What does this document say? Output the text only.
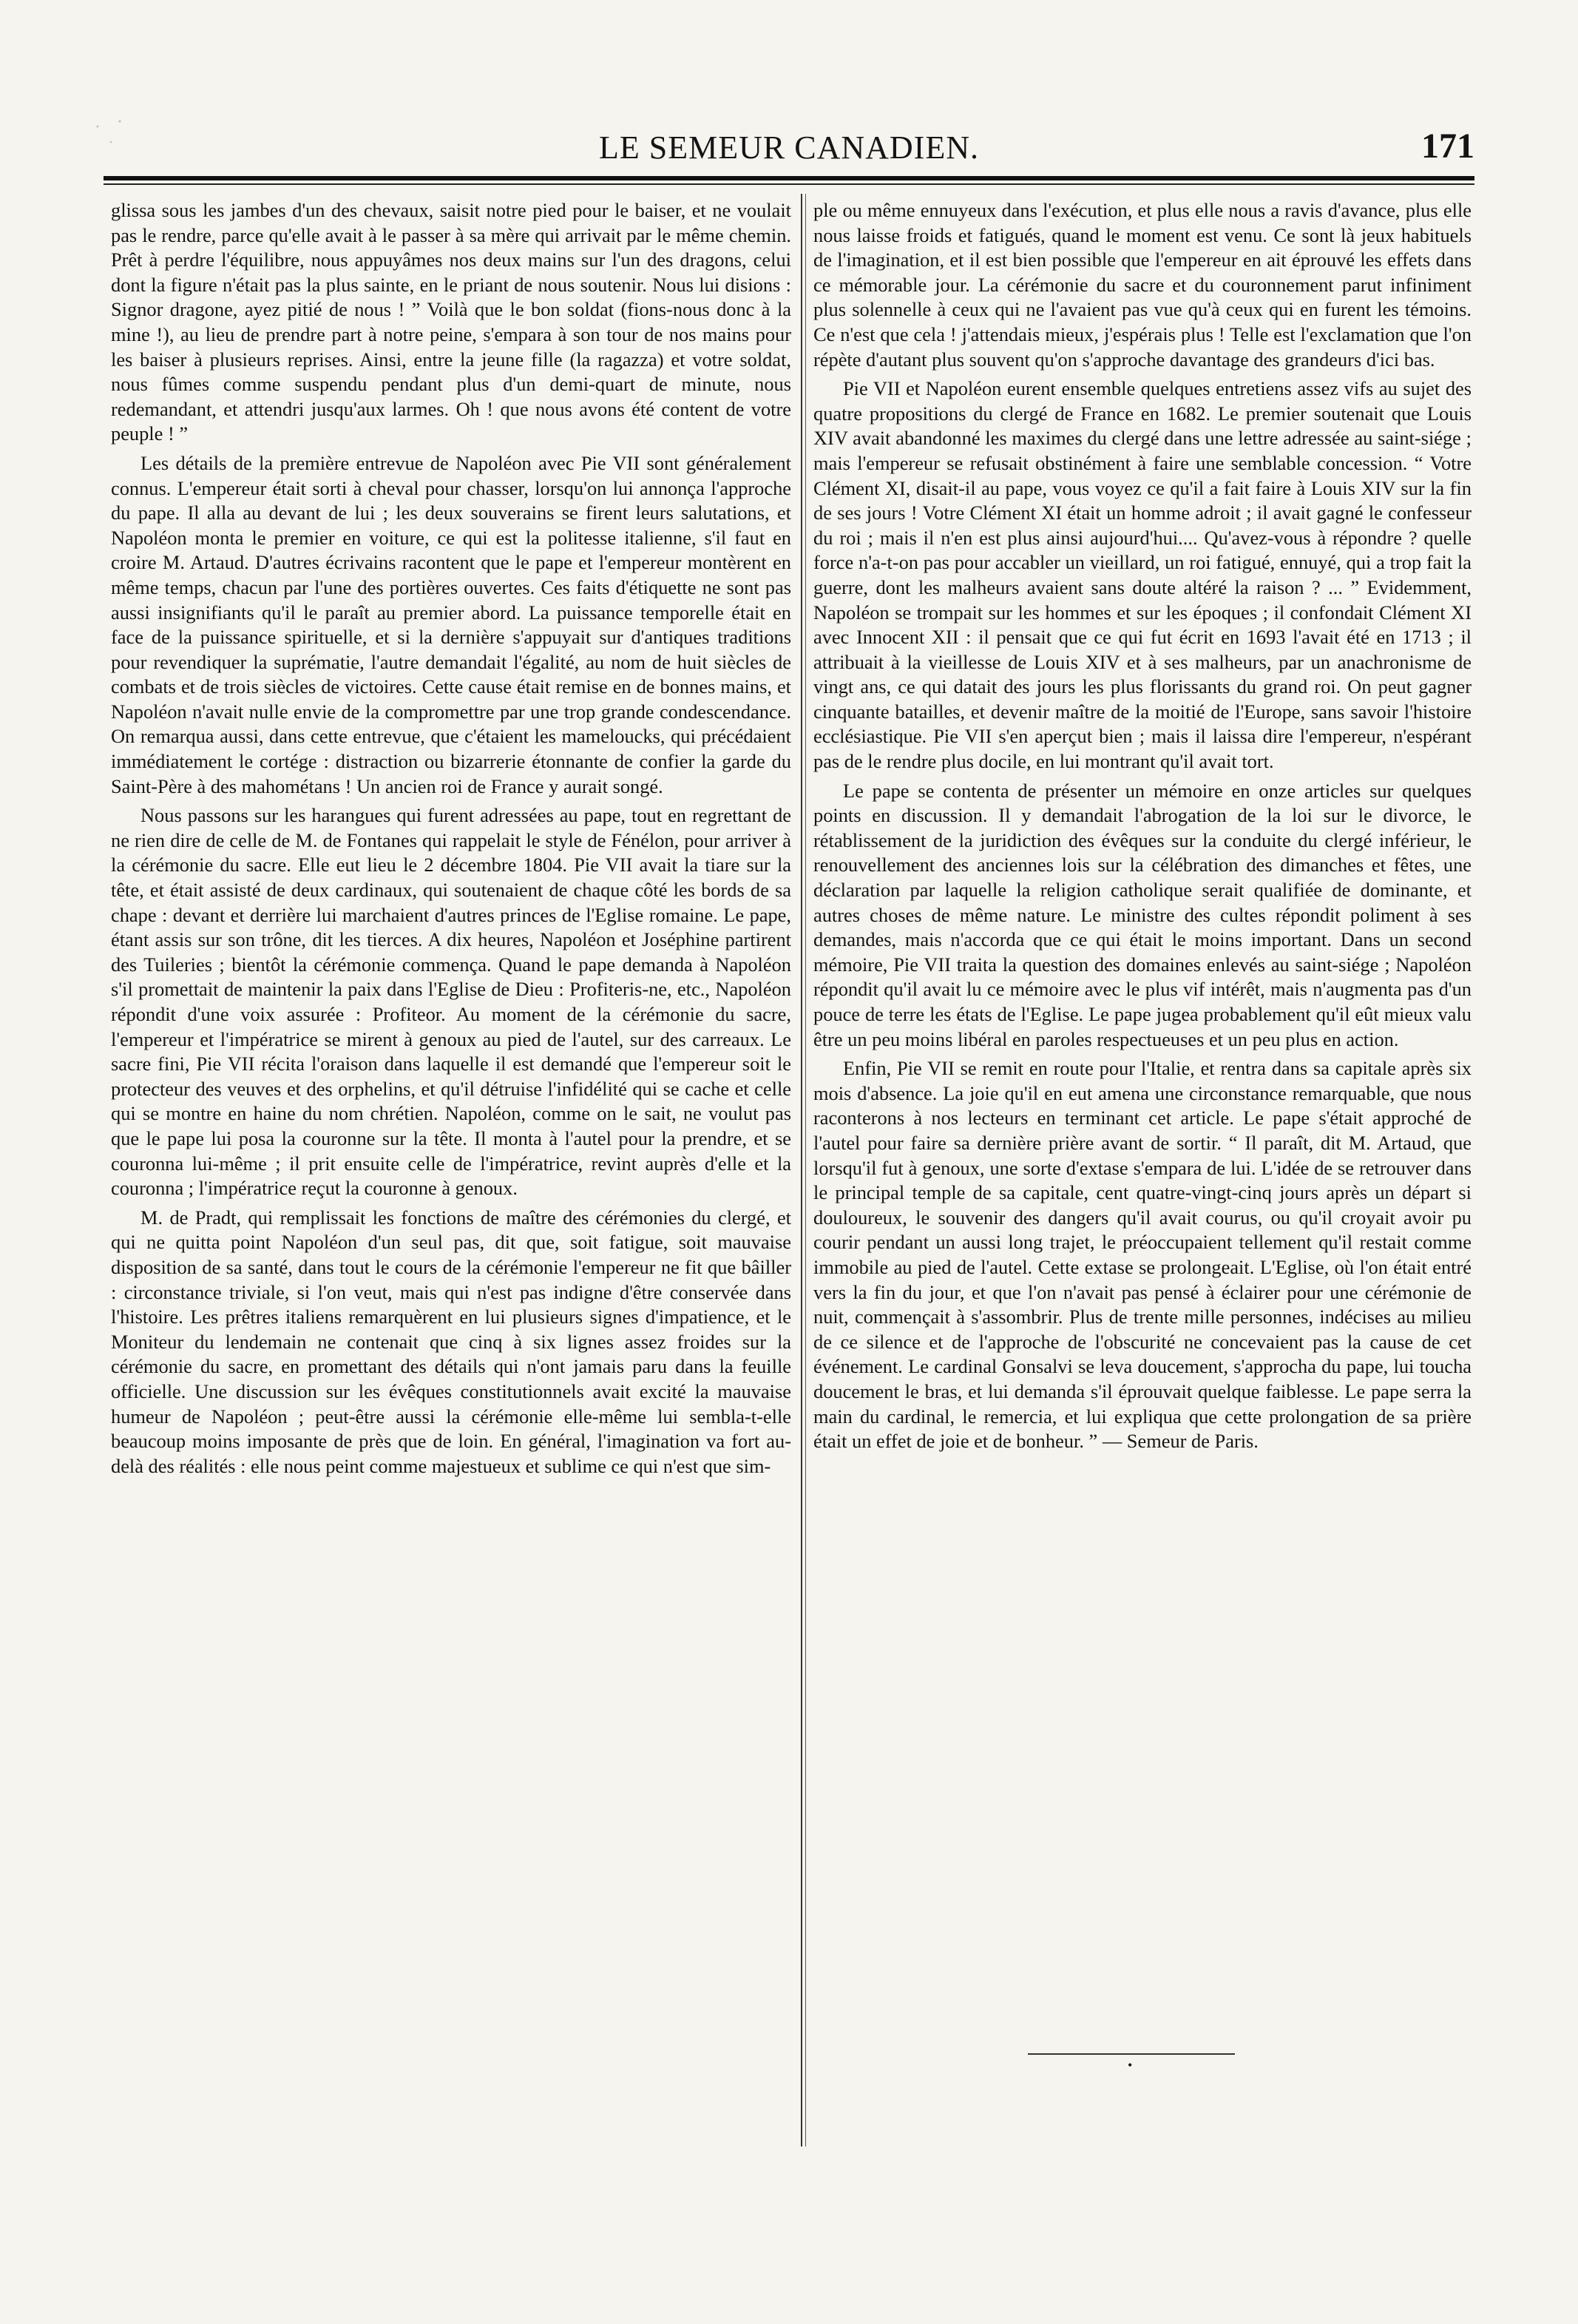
LE SEMEUR CANADIEN.	171

glissa sous les jambes d'un des chevaux, saisit notre pied pour le baiser, et ne voulait pas le rendre, parce qu'elle avait à le passer à sa mère qui arrivait par le même chemin. Prêt à perdre l'équilibre, nous appuyâmes nos deux mains sur l'un des dragons, celui dont la figure n'était pas la plus sainte, en le priant de nous soutenir. Nous lui disions : Signor dragone, ayez pitié de nous ! ” Voilà que le bon soldat (fions-nous donc à la mine !), au lieu de prendre part à notre peine, s'empara à son tour de nos mains pour les baiser à plusieurs reprises. Ainsi, entre la jeune fille (la ragazza) et votre soldat, nous fûmes comme suspendu pendant plus d'un demi-quart de minute, nous redemandant, et attendri jusqu'aux larmes. Oh ! que nous avons été content de votre peuple ! ”

Les détails de la première entrevue de Napoléon avec Pie VII sont généralement connus. L'empereur était sorti à cheval pour chasser, lorsqu'on lui annonça l'approche du pape. Il alla au devant de lui ; les deux souverains se firent leurs salutations, et Napoléon monta le premier en voiture, ce qui est la politesse italienne, s'il faut en croire M. Artaud. D'autres écrivains racontent que le pape et l'empereur montèrent en même temps, chacun par l'une des portières ouvertes. Ces faits d'étiquette ne sont pas aussi insignifiants qu'il le paraît au premier abord. La puissance temporelle était en face de la puissance spirituelle, et si la dernière s'appuyait sur d'antiques traditions pour revendiquer la suprématie, l'autre demandait l'égalité, au nom de huit siècles de combats et de trois siècles de victoires. Cette cause était remise en de bonnes mains, et Napoléon n'avait nulle envie de la compromettre par une trop grande condescendance. On remarqua aussi, dans cette entrevue, que c'étaient les mameloucks, qui précédaient immédiatement le cortége : distraction ou bizarrerie étonnante de confier la garde du Saint-Père à des mahométans ! Un ancien roi de France y aurait songé.

Nous passons sur les harangues qui furent adressées au pape, tout en regrettant de ne rien dire de celle de M. de Fontanes qui rappelait le style de Fénélon, pour arriver à la cérémonie du sacre. Elle eut lieu le 2 décembre 1804. Pie VII avait la tiare sur la tête, et était assisté de deux cardinaux, qui soutenaient de chaque côté les bords de sa chape : devant et derrière lui marchaient d'autres princes de l'Eglise romaine. Le pape, étant assis sur son trône, dit les tierces. A dix heures, Napoléon et Joséphine partirent des Tuileries ; bientôt la cérémonie commença. Quand le pape demanda à Napoléon s'il promettait de maintenir la paix dans l'Eglise de Dieu : Profiteris-ne, etc., Napoléon répondit d'une voix assurée : Profiteor. Au moment de la cérémonie du sacre, l'empereur et l'impératrice se mirent à genoux au pied de l'autel, sur des carreaux. Le sacre fini, Pie VII récita l'oraison dans laquelle il est demandé que l'empereur soit le protecteur des veuves et des orphelins, et qu'il détruise l'infidélité qui se cache et celle qui se montre en haine du nom chrétien. Napoléon, comme on le sait, ne voulut pas que le pape lui posa la couronne sur la tête. Il monta à l'autel pour la prendre, et se couronna lui-même ; il prit ensuite celle de l'impératrice, revint auprès d'elle et la couronna ; l'impératrice reçut la couronne à genoux.

M. de Pradt, qui remplissait les fonctions de maître des cérémonies du clergé, et qui ne quitta point Napoléon d'un seul pas, dit que, soit fatigue, soit mauvaise disposition de sa santé, dans tout le cours de la cérémonie l'empereur ne fit que bâiller : circonstance triviale, si l'on veut, mais qui n'est pas indigne d'être conservée dans l'histoire. Les prêtres italiens remarquèrent en lui plusieurs signes d'impatience, et le Moniteur du lendemain ne contenait que cinq à six lignes assez froides sur la cérémonie du sacre, en promettant des détails qui n'ont jamais paru dans la feuille officielle. Une discussion sur les évêques constitutionnels avait excité la mauvaise humeur de Napoléon ; peut-être aussi la cérémonie elle-même lui sembla-t-elle beaucoup moins imposante de près que de loin. En général, l'imagination va fort au-delà des réalités : elle nous peint comme majestueux et sublime ce qui n'est que sim-

ple ou même ennuyeux dans l'exécution, et plus elle nous a ravis d'avance, plus elle nous laisse froids et fatigués, quand le moment est venu. Ce sont là jeux habituels de l'imagination, et il est bien possible que l'empereur en ait éprouvé les effets dans ce mémorable jour. La cérémonie du sacre et du couronnement parut infiniment plus solennelle à ceux qui ne l'avaient pas vue qu'à ceux qui en furent les témoins. Ce n'est que cela ! j'attendais mieux, j'espérais plus ! Telle est l'exclamation que l'on répète d'autant plus souvent qu'on s'approche davantage des grandeurs d'ici bas.

Pie VII et Napoléon eurent ensemble quelques entretiens assez vifs au sujet des quatre propositions du clergé de France en 1682. Le premier soutenait que Louis XIV avait abandonné les maximes du clergé dans une lettre adressée au saint-siége ; mais l'empereur se refusait obstinément à faire une semblable concession. “ Votre Clément XI, disait-il au pape, vous voyez ce qu'il a fait faire à Louis XIV sur la fin de ses jours ! Votre Clément XI était un homme adroit ; il avait gagné le confesseur du roi ; mais il n'en est plus ainsi aujourd'hui.... Qu'avez-vous à répondre ? quelle force n'a-t-on pas pour accabler un vieillard, un roi fatigué, ennuyé, qui a trop fait la guerre, dont les malheurs avaient sans doute altéré la raison ? ... ” Evidemment, Napoléon se trompait sur les hommes et sur les époques ; il confondait Clément XI avec Innocent XII : il pensait que ce qui fut écrit en 1693 l'avait été en 1713 ; il attribuait à la vieillesse de Louis XIV et à ses malheurs, par un anachronisme de vingt ans, ce qui datait des jours les plus florissants du grand roi. On peut gagner cinquante batailles, et devenir maître de la moitié de l'Europe, sans savoir l'histoire ecclésiastique. Pie VII s'en aperçut bien ; mais il laissa dire l'empereur, n'espérant pas de le rendre plus docile, en lui montrant qu'il avait tort.

Le pape se contenta de présenter un mémoire en onze articles sur quelques points en discussion. Il y demandait l'abrogation de la loi sur le divorce, le rétablissement de la juridiction des évêques sur la conduite du clergé inférieur, le renouvellement des anciennes lois sur la célébration des dimanches et fêtes, une déclaration par laquelle la religion catholique serait qualifiée de dominante, et autres choses de même nature. Le ministre des cultes répondit poliment à ses demandes, mais n'accorda que ce qui était le moins important. Dans un second mémoire, Pie VII traita la question des domaines enlevés au saint-siége ; Napoléon répondit qu'il avait lu ce mémoire avec le plus vif intérêt, mais n'augmenta pas d'un pouce de terre les états de l'Eglise. Le pape jugea probablement qu'il eût mieux valu être un peu moins libéral en paroles respectueuses et un peu plus en action.

Enfin, Pie VII se remit en route pour l'Italie, et rentra dans sa capitale après six mois d'absence. La joie qu'il en eut amena une circonstance remarquable, que nous raconterons à nos lecteurs en terminant cet article. Le pape s'était approché de l'autel pour faire sa dernière prière avant de sortir. “ Il paraît, dit M. Artaud, que lorsqu'il fut à genoux, une sorte d'extase s'empara de lui. L'idée de se retrouver dans le principal temple de sa capitale, cent quatre-vingt-cinq jours après un départ si douloureux, le souvenir des dangers qu'il avait courus, ou qu'il croyait avoir pu courir pendant un aussi long trajet, le préoccupaient tellement qu'il restait comme immobile au pied de l'autel. Cette extase se prolongeait. L'Eglise, où l'on était entré vers la fin du jour, et que l'on n'avait pas pensé à éclairer pour une cérémonie de nuit, commençait à s'assombrir. Plus de trente mille personnes, indécises au milieu de ce silence et de l'approche de l'obscurité ne concevaient pas la cause de cet événement. Le cardinal Gonsalvi se leva doucement, s'approcha du pape, lui toucha doucement le bras, et lui demanda s'il éprouvait quelque faiblesse. Le pape serra la main du cardinal, le remercia, et lui expliqua que cette prolongation de sa prière était un effet de joie et de bonheur. ” — Semeur de Paris.

•
